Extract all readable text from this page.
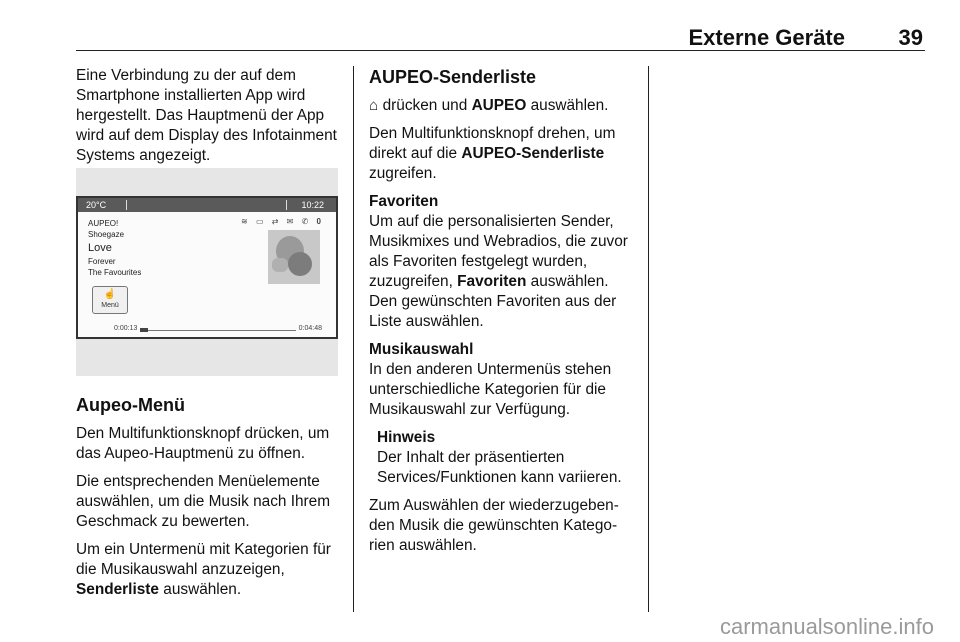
Externe Geräte 39

Eine Verbindung zu der auf dem Smartphone installierten App wird hergestellt. Das Hauptmenü der App wird auf dem Display des Infotainment Systems angezeigt.

20°C	10:22
AUPEO!
Shoegaze
Love
Forever
The Favourites
≋ ▭ ⇄ ✉ ✆ 0
☝
Menü
0:00:13	0:04:48
Aupeo-Menü

Den Multifunktionsknopf drücken, um das Aupeo-Hauptmenü zu öffnen.

Die entsprechenden Menüelemente auswählen, um die Musik nach Ihrem Geschmack zu bewerten.

Um ein Untermenü mit Kategorien für die Musikauswahl anzuzeigen, Senderliste auswählen.

AUPEO-Senderliste

⌂ drücken und AUPEO auswählen.

Den Multifunktionsknopf drehen, um direkt auf die AUPEO-Senderliste zugreifen.

Favoriten

Um auf die personalisierten Sender, Musikmixes und Webradios, die zuvor als Favoriten festgelegt wurden, zuzugreifen, Favoriten auswählen. Den gewünschten Favoriten aus der Liste auswählen.

Musikauswahl

In den anderen Untermenüs stehen unterschiedliche Kategorien für die Musikauswahl zur Verfügung.

Hinweis
Der Inhalt der präsentierten Services/Funktionen kann variieren.

Zum Auswählen der wiederzugebenden Musik die gewünschten Kategorien auswählen.

carmanualsonline.info
